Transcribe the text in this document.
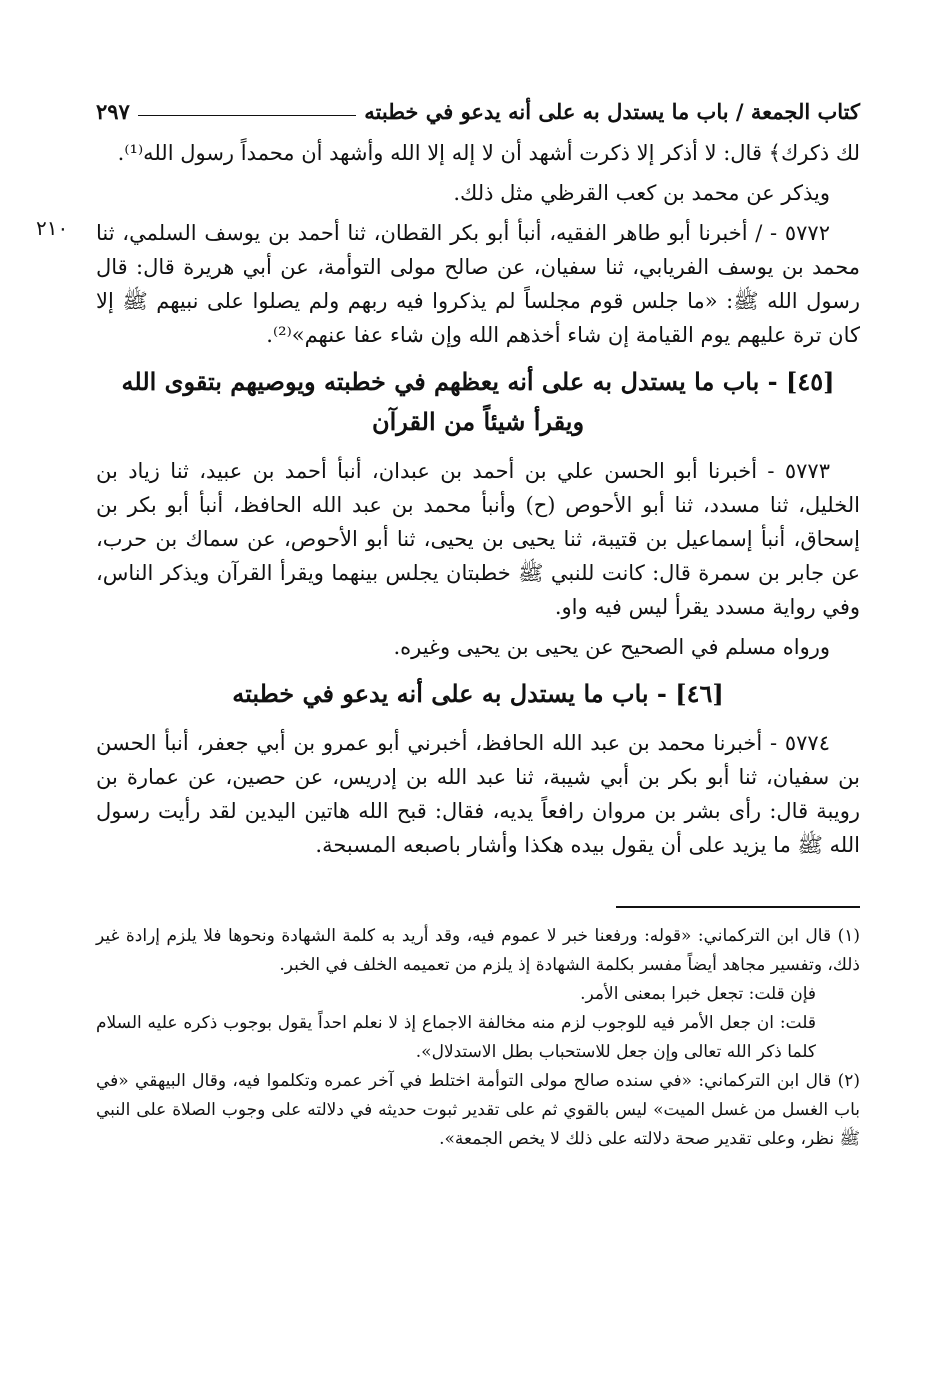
كتاب الجمعة / باب ما يستدل به على أنه يدعو في خطبته
٢٩٧

لك ذكرك﴾ قال: لا أذكر إلا ذكرت أشهد أن لا إله إلا الله وأشهد أن محمداً رسول الله⁽¹⁾.

ويذكر عن محمد بن كعب القرظي مثل ذلك.

٢١٠ ٥٧٧٢ - / أخبرنا أبو طاهر الفقيه، أنبأ أبو بكر القطان، ثنا أحمد بن يوسف السلمي، ثنا محمد بن يوسف الفريابي، ثنا سفيان، عن صالح مولى التوأمة، عن أبي هريرة قال: قال رسول الله ﷺ: «ما جلس قوم مجلساً لم يذكروا فيه ربهم ولم يصلوا على نبيهم ﷺ إلا كان ترة عليهم يوم القيامة إن شاء أخذهم الله وإن شاء عفا عنهم»⁽²⁾.

[٤٥] - باب ما يستدل به على أنه يعظهم في خطبته ويوصيهم بتقوى الله ويقرأ شيئاً من القرآن

٥٧٧٣ - أخبرنا أبو الحسن علي بن أحمد بن عبدان، أنبأ أحمد بن عبيد، ثنا زياد بن الخليل، ثنا مسدد، ثنا أبو الأحوص (ح) وأنبأ محمد بن عبد الله الحافظ، أنبأ أبو بكر بن إسحاق، أنبأ إسماعيل بن قتيبة، ثنا يحيى بن يحيى، ثنا أبو الأحوص، عن سماك بن حرب، عن جابر بن سمرة قال: كانت للنبي ﷺ خطبتان يجلس بينهما ويقرأ القرآن ويذكر الناس، وفي رواية مسدد يقرأ ليس فيه واو.

ورواه مسلم في الصحيح عن يحيى بن يحيى وغيره.

[٤٦] - باب ما يستدل به على أنه يدعو في خطبته

٥٧٧٤ - أخبرنا محمد بن عبد الله الحافظ، أخبرني أبو عمرو بن أبي جعفر، أنبأ الحسن بن سفيان، ثنا أبو بكر بن أبي شيبة، ثنا عبد الله بن إدريس، عن حصين، عن عمارة بن رويبة قال: رأى بشر بن مروان رافعاً يديه، فقال: قبح الله هاتين اليدين لقد رأيت رسول الله ﷺ ما يزيد على أن يقول بيده هكذا وأشار باصبعه المسبحة.

(١) قال ابن التركماني: «قوله: ورفعنا خبر لا عموم فيه، وقد أريد به كلمة الشهادة ونحوها فلا يلزم إرادة غير ذلك، وتفسير مجاهد أيضاً مفسر بكلمة الشهادة إذ يلزم من تعميمه الخلف في الخبر.

فإن قلت: تجعل خبرا بمعنى الأمر.

قلت: ان جعل الأمر فيه للوجوب لزم منه مخالفة الاجماع إذ لا نعلم احداً يقول بوجوب ذكره عليه السلام كلما ذكر الله تعالى وإن جعل للاستحباب بطل الاستدلال».

(٢) قال ابن التركماني: «في سنده صالح مولى التوأمة اختلط في آخر عمره وتكلموا فيه، وقال البيهقي «في باب الغسل من غسل الميت» ليس بالقوي ثم على تقدير ثبوت حديثه في دلالته على وجوب الصلاة على النبي ﷺ نظر، وعلى تقدير صحة دلالته على ذلك لا يخص الجمعة».
